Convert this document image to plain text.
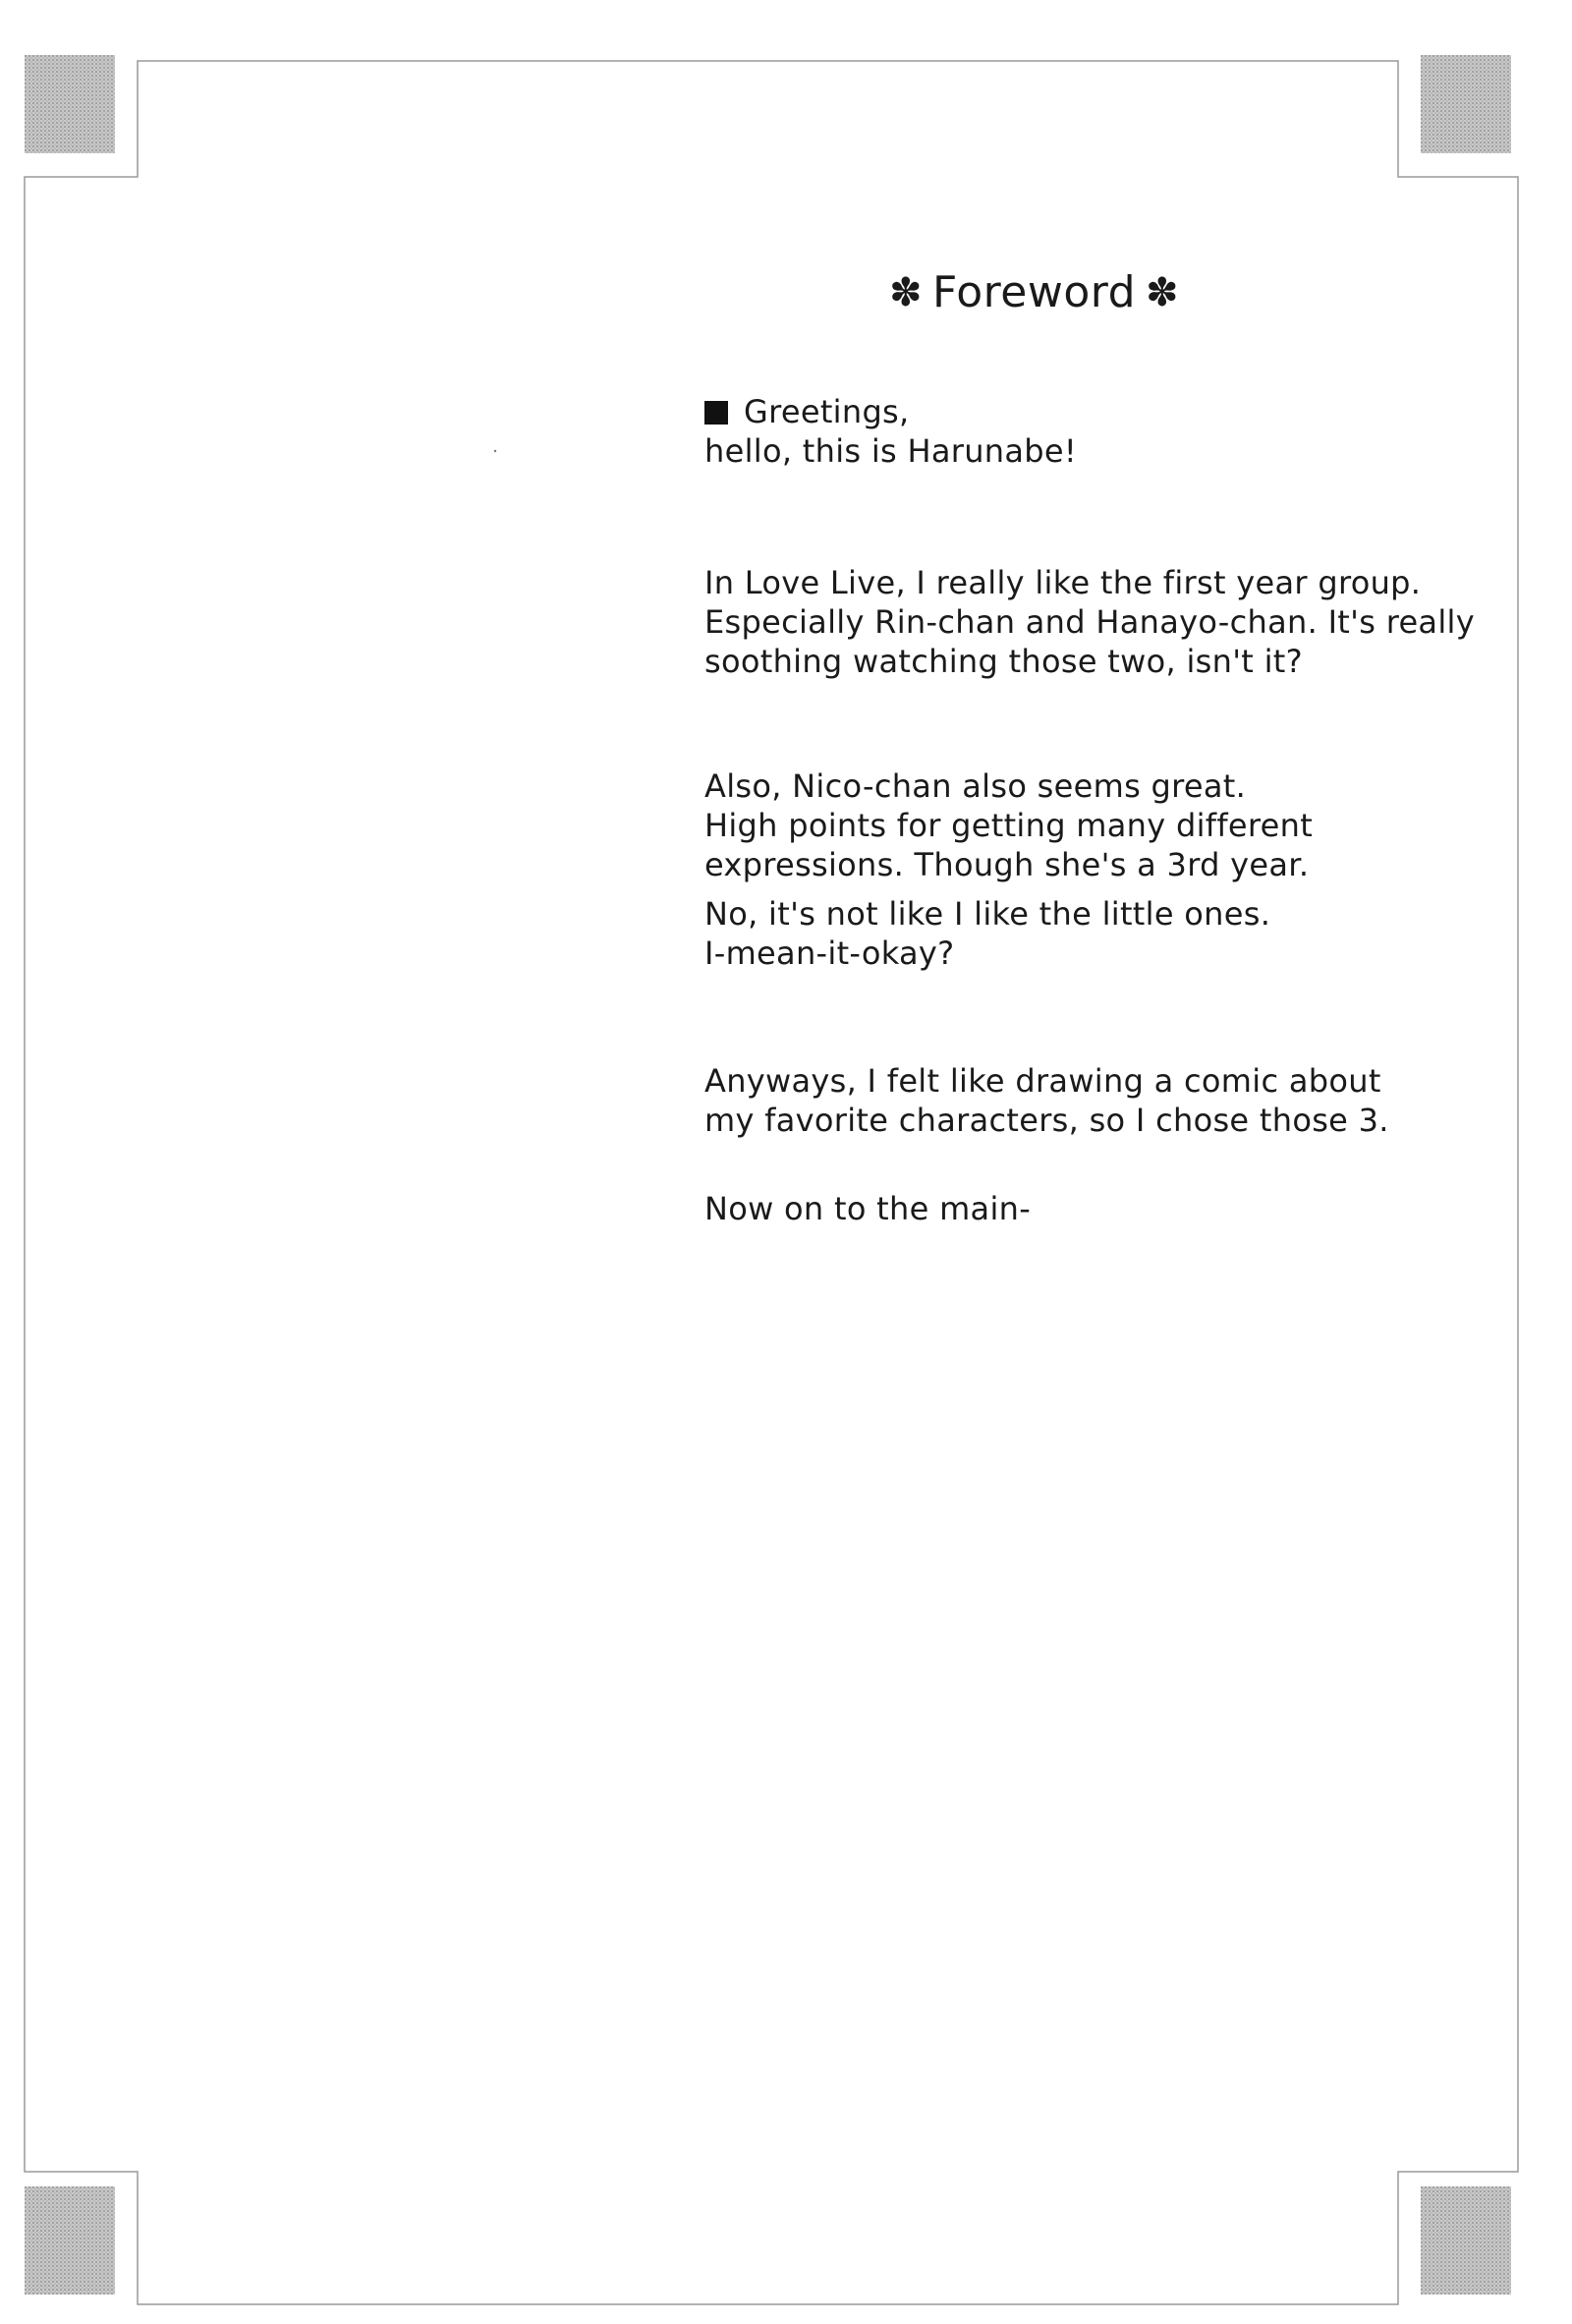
✽ Foreword ✽
Greetings,
hello, this is Harunabe!
In Love Live, I really like the first year group.
Especially Rin-chan and Hanayo-chan. It's really
soothing watching those two, isn't it?
Also, Nico-chan also seems great.
High points for getting many different
expressions. Though she's a 3rd year.
No, it's not like I like the little ones.
I-mean-it-okay?
Anyways, I felt like drawing a comic about
my favorite characters, so I chose those 3.
Now on to the main-
